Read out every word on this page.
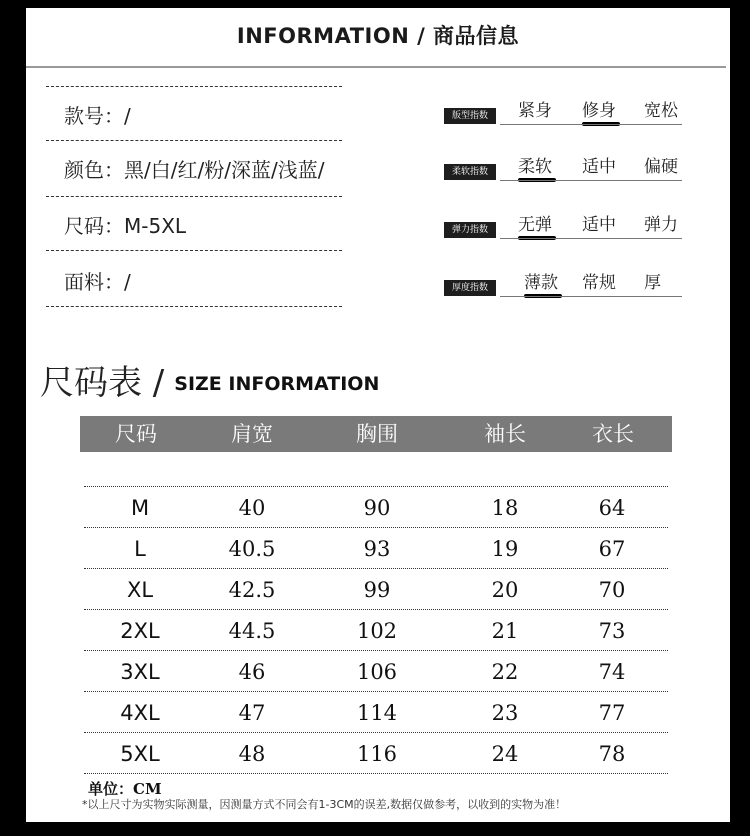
INFORMATION / 商品信息
款号：/
颜色：黑/白/红/粉/深蓝/浅蓝/
尺码：M-5XL
面料：/
版型指数	紧身 修身 宽松
柔软指数	柔软 适中 偏硬
弹力指数	无弹 适中 弹力
厚度指数	薄款 常规 厚
尺码表 / SIZE INFORMATION
尺码	肩宽	胸围	袖长	衣长
M	40	90	18	64
L	40.5	93	19	67
XL	42.5	99	20	70
2XL	44.5	102	21	73
3XL	46	106	22	74
4XL	47	114	23	77
5XL	48	116	24	78
单位：CM
*以上尺寸为实物实际测量，因测量方式不同会有1-3CM的误差,数据仅做参考，以收到的实物为准！
